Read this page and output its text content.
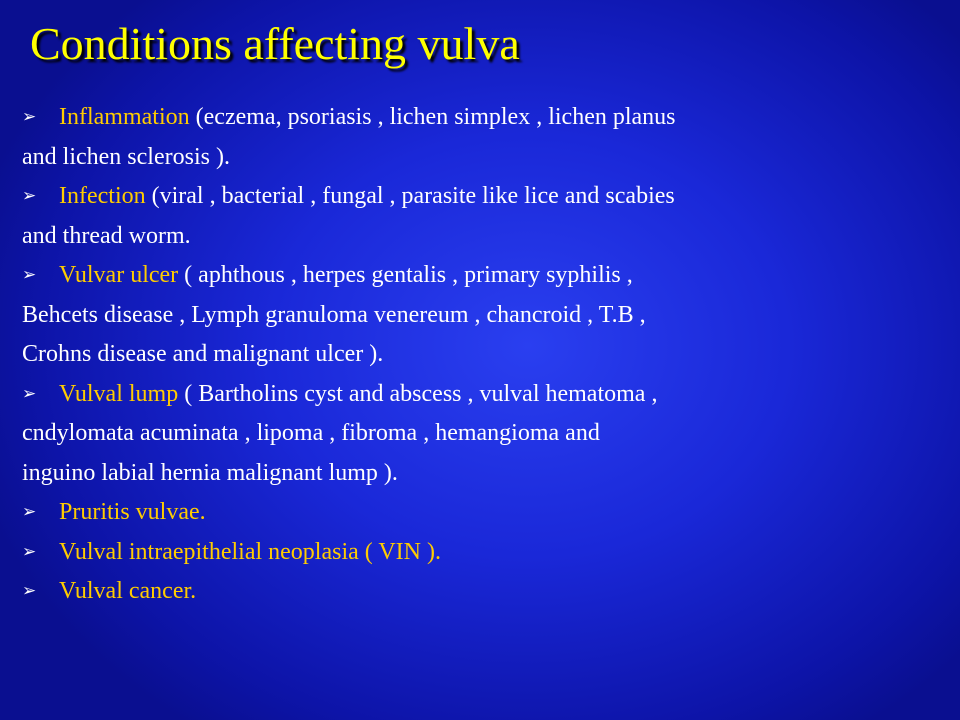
Conditions affecting vulva
➢ Inflammation (eczema, psoriasis , lichen simplex , lichen planus
and lichen sclerosis ).
➢ Infection (viral , bacterial , fungal , parasite like lice and scabies
and thread worm.
➢ Vulvar ulcer ( aphthous , herpes gentalis , primary syphilis ,
Behcets disease , Lymph granuloma venereum , chancroid , T.B ,
Crohns disease and malignant ulcer ).
➢ Vulval lump ( Bartholins cyst and abscess , vulval hematoma ,
cndylomata acuminata , lipoma , fibroma , hemangioma and
inguino labial hernia malignant lump ).
➢ Pruritis vulvae.
➢ Vulval intraepithelial neoplasia ( VIN ).
➢ Vulval cancer.
